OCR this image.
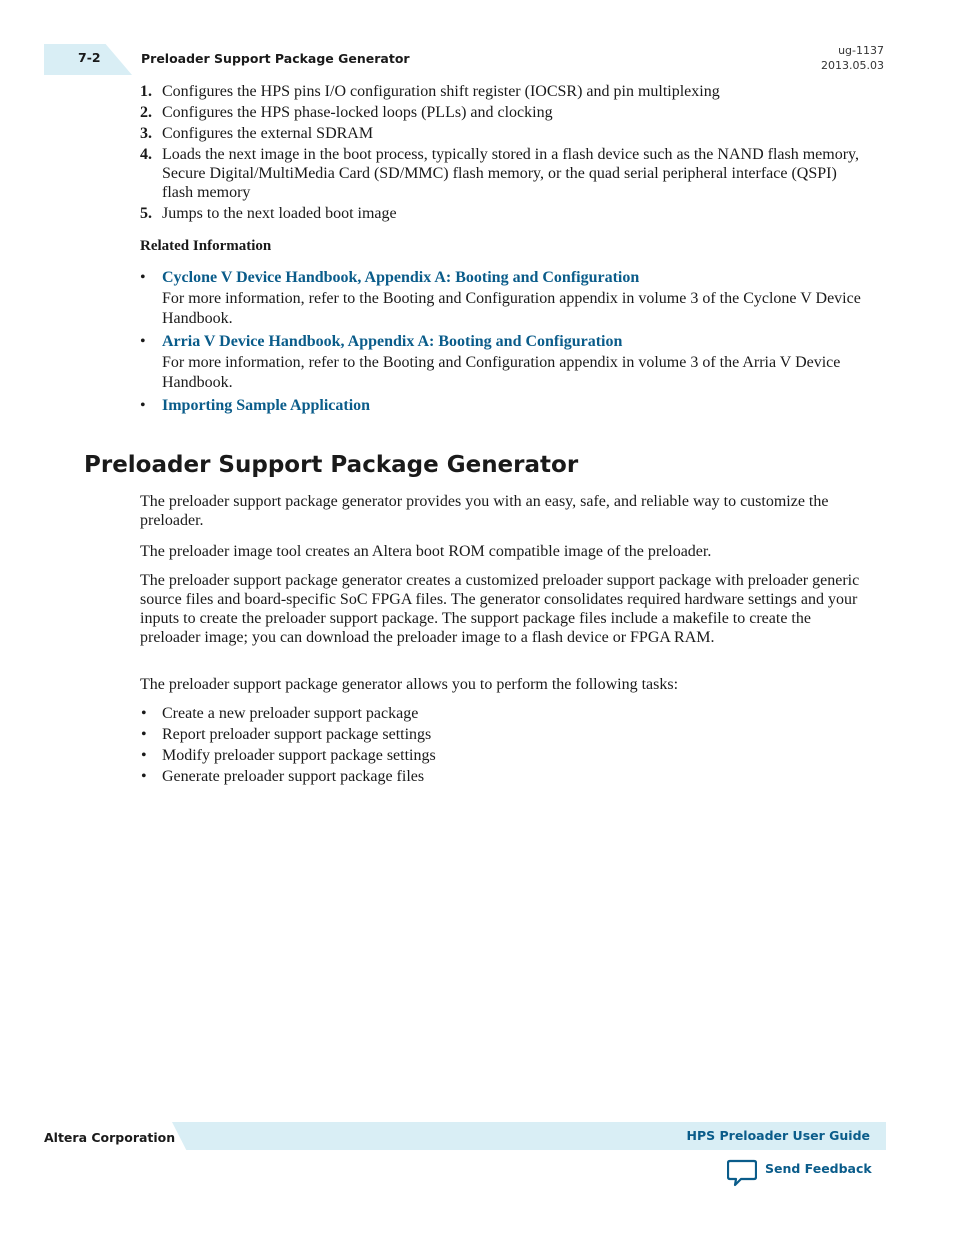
7-2	Preloader Support Package Generator
ug-1137
2013.05.03
1. Configures the HPS pins I/O configuration shift register (IOCSR) and pin multiplexing
2. Configures the HPS phase-locked loops (PLLs) and clocking
3. Configures the external SDRAM
4. Loads the next image in the boot process, typically stored in a flash device such as the NAND flash memory, Secure Digital/MultiMedia Card (SD/MMC) flash memory, or the quad serial peripheral interface (QSPI) flash memory
5. Jumps to the next loaded boot image
Related Information
•	Cyclone V Device Handbook, Appendix A: Booting and Configuration
For more information, refer to the Booting and Configuration appendix in volume 3 of the Cyclone V Device Handbook.
•	Arria V Device Handbook, Appendix A: Booting and Configuration
For more information, refer to the Booting and Configuration appendix in volume 3 of the Arria V Device Handbook.
•	Importing Sample Application
Preloader Support Package Generator

The preloader support package generator provides you with an easy, safe, and reliable way to customize the preloader.

The preloader image tool creates an Altera boot ROM compatible image of the preloader.

The preloader support package generator creates a customized preloader support package with preloader generic source files and board-specific SoC FPGA files. The generator consolidates required hardware settings and your inputs to create the preloader support package. The support package files include a makefile to create the preloader image; you can download the preloader image to a flash device or FPGA RAM.

The preloader support package generator allows you to perform the following tasks:

• Create a new preloader support package
• Report preloader support package settings
• Modify preloader support package settings
• Generate preloader support package files
Altera Corporation	HPS Preloader User Guide
Send Feedback
